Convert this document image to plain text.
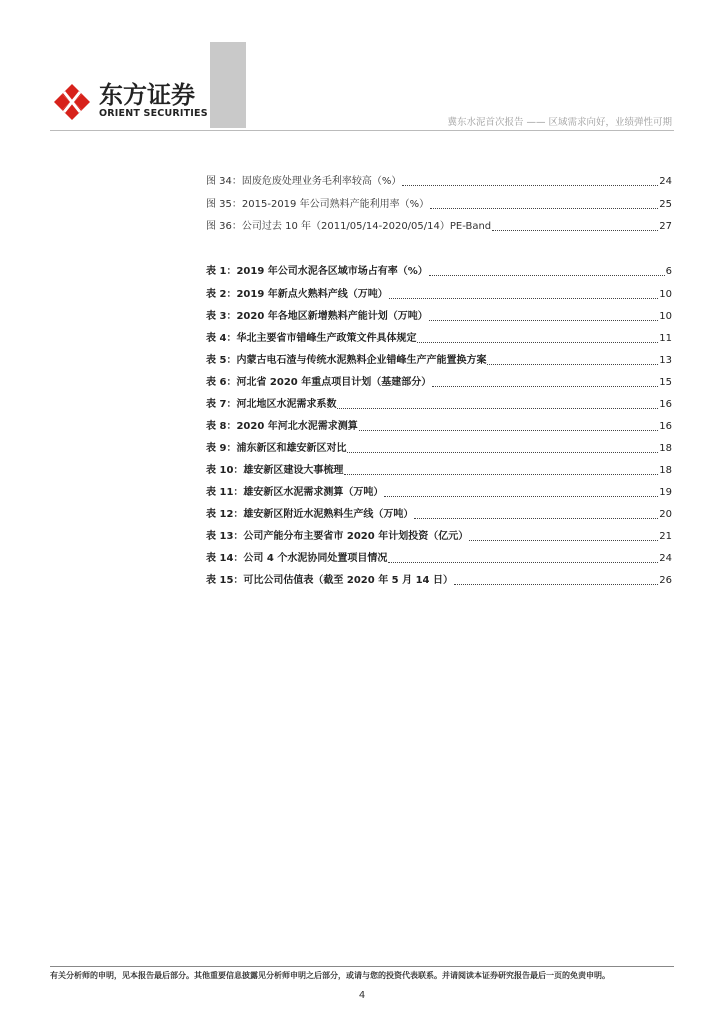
东方证券
ORIENT SECURITIES
冀东水泥首次报告 —— 区域需求向好，业绩弹性可期
图 34：固废危废处理业务毛利率较高（%）	24
图 35：2015-2019 年公司熟料产能利用率（%）	25
图 36：公司过去 10 年（2011/05/14-2020/05/14）PE-Band	27
表 1：2019 年公司水泥各区域市场占有率（%）	6
表 2：2019 年新点火熟料产线（万吨）	10
表 3：2020 年各地区新增熟料产能计划（万吨）	10
表 4：华北主要省市错峰生产政策文件具体规定	11
表 5：内蒙古电石渣与传统水泥熟料企业错峰生产产能置换方案	13
表 6：河北省 2020 年重点项目计划（基建部分）	15
表 7：河北地区水泥需求系数	16
表 8：2020 年河北水泥需求测算	16
表 9：浦东新区和雄安新区对比	18
表 10：雄安新区建设大事梳理	18
表 11：雄安新区水泥需求测算（万吨）	19
表 12：雄安新区附近水泥熟料生产线（万吨）	20
表 13：公司产能分布主要省市 2020 年计划投资（亿元）	21
表 14：公司 4 个水泥协同处置项目情况	24
表 15：可比公司估值表（截至 2020 年 5 月 14 日）	26
有关分析师的申明，见本报告最后部分。其他重要信息披露见分析师申明之后部分，或请与您的投资代表联系。并请阅读本证券研究报告最后一页的免责申明。
4
